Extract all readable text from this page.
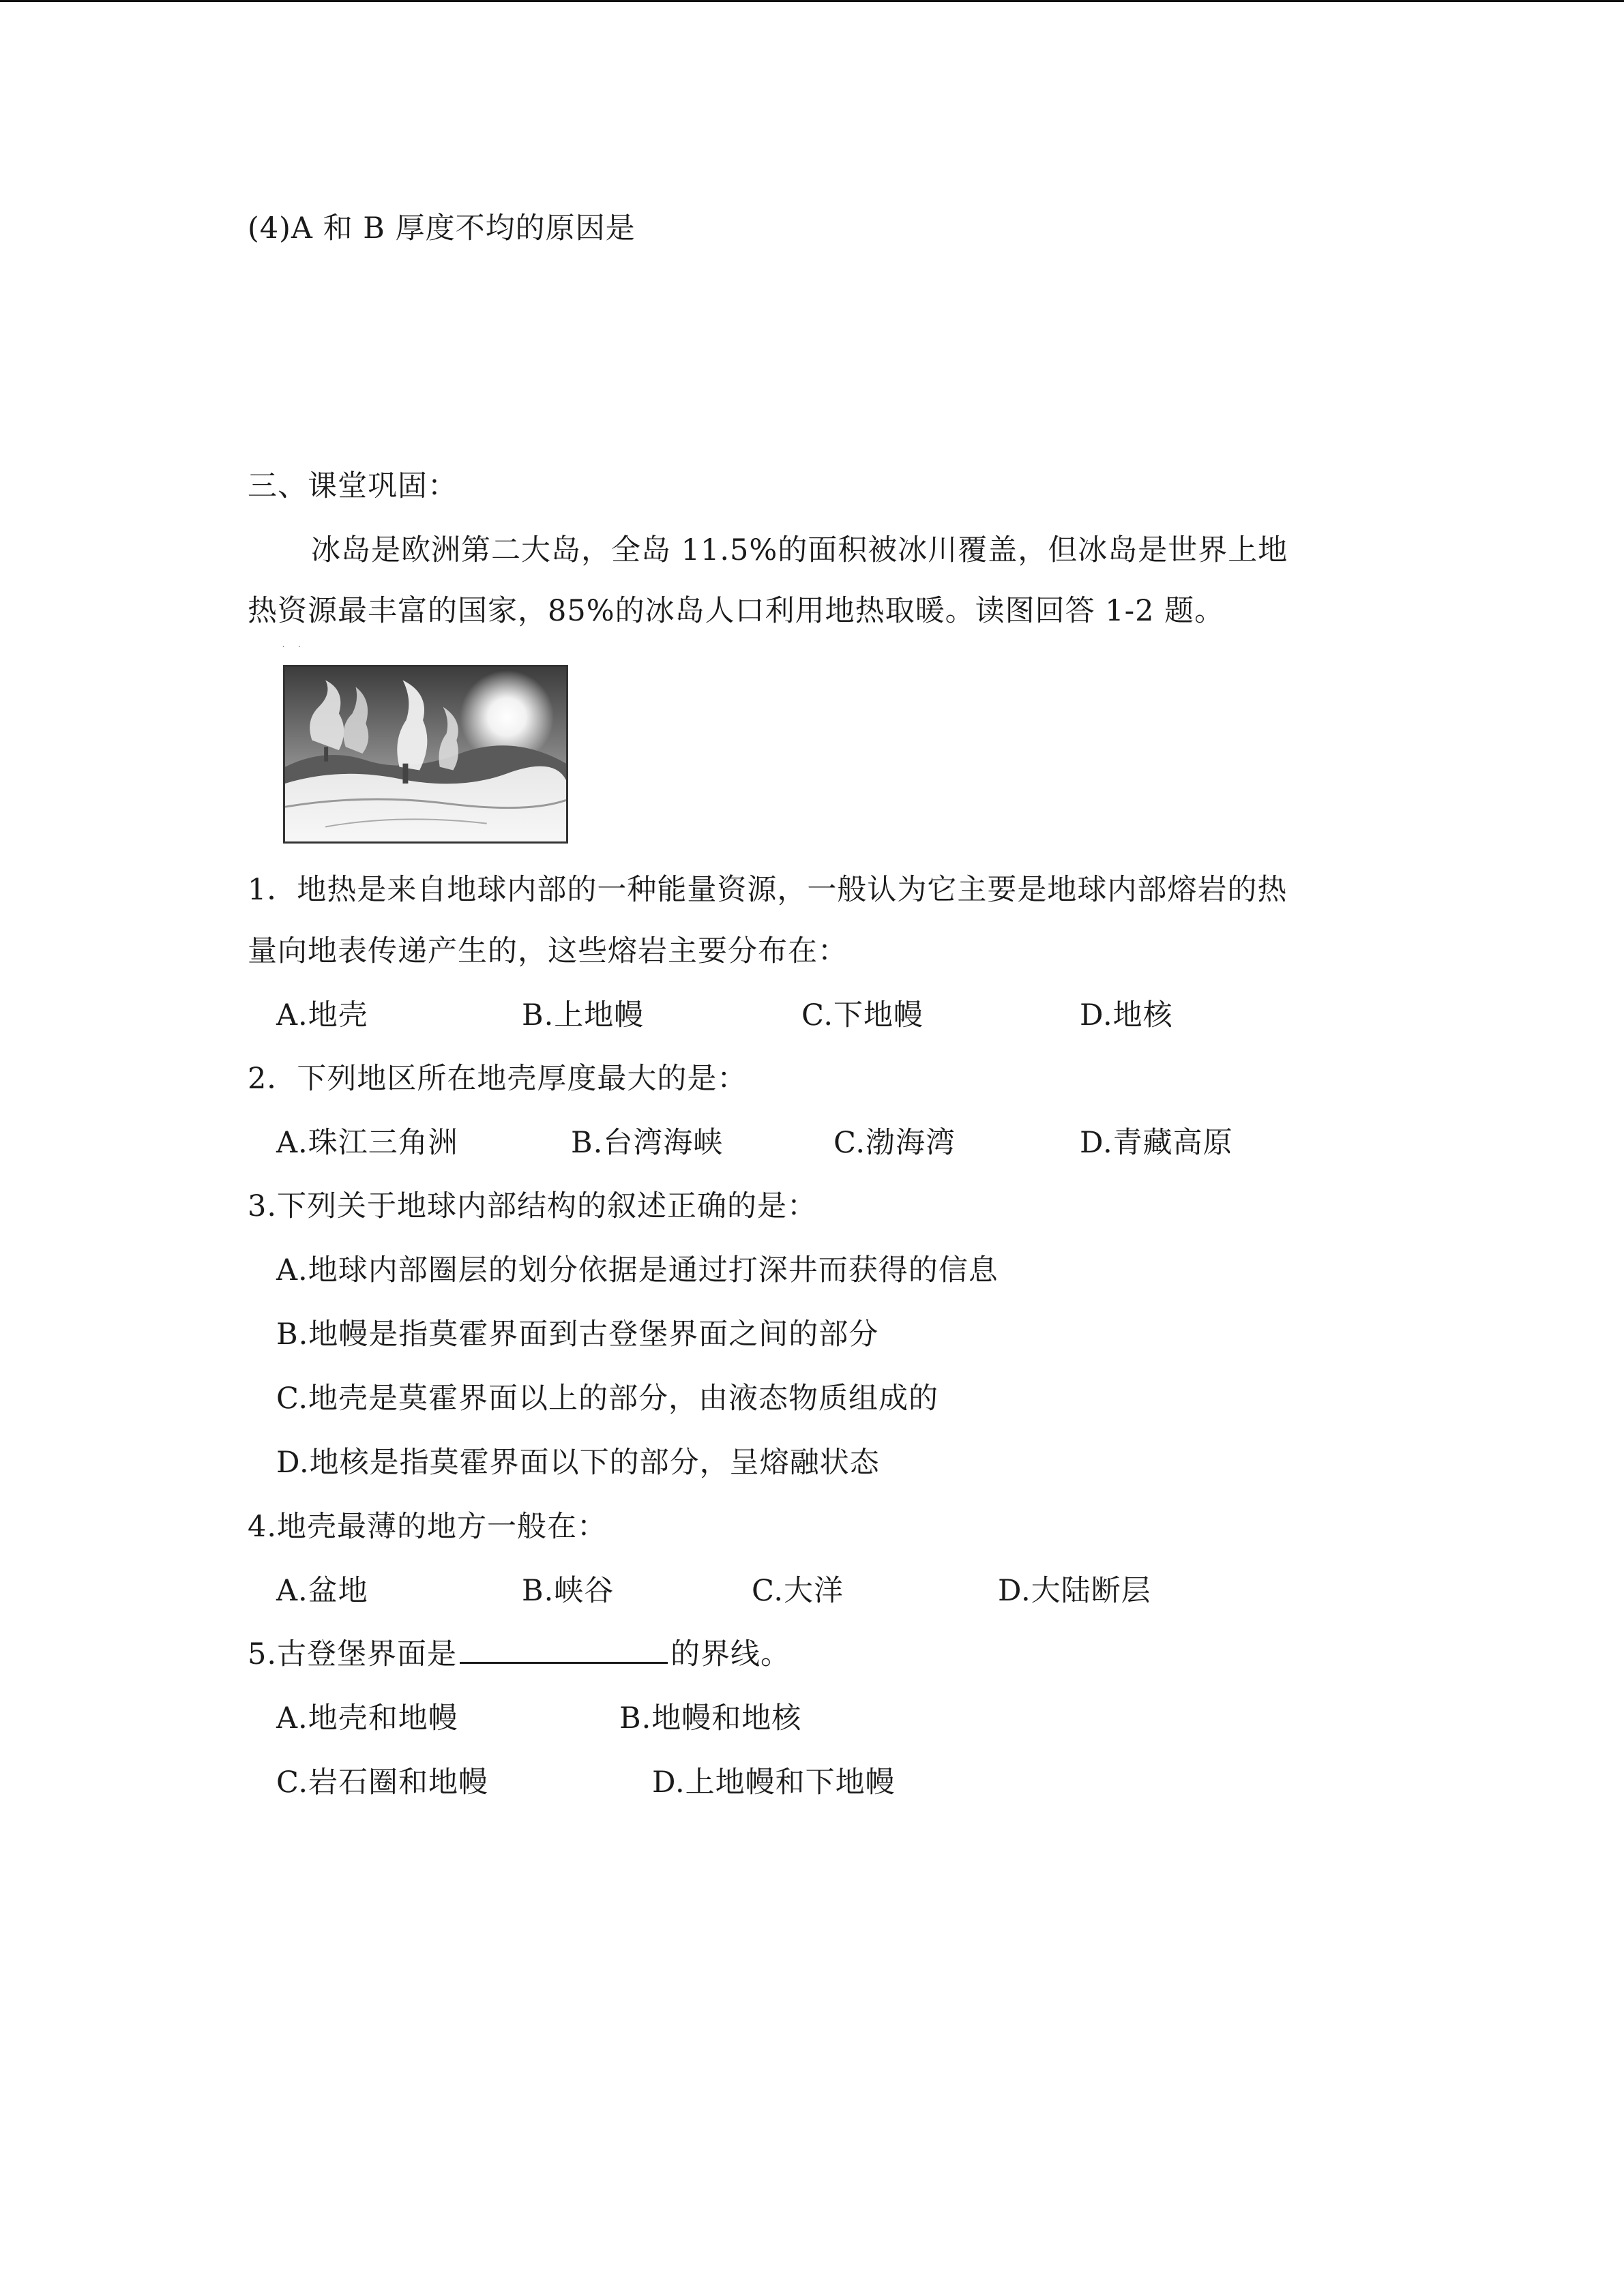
(4)A 和 B 厚度不均的原因是
三、课堂巩固：
冰岛是欧洲第二大岛，全岛 11.5%的面积被冰川覆盖，但冰岛是世界上地
热资源最丰富的国家，85%的冰岛人口利用地热取暖。读图回答 1-2 题。
˙ ˙
1．地热是来自地球内部的一种能量资源，一般认为它主要是地球内部熔岩的热
量向地表传递产生的，这些熔岩主要分布在：
A.地壳	B.上地幔	C.下地幔	D.地核
2．下列地区所在地壳厚度最大的是：
A.珠江三角洲	B.台湾海峡	C.渤海湾	D.青藏高原
3.下列关于地球内部结构的叙述正确的是：
A.地球内部圈层的划分依据是通过打深井而获得的信息
B.地幔是指莫霍界面到古登堡界面之间的部分
C.地壳是莫霍界面以上的部分，由液态物质组成的
D.地核是指莫霍界面以下的部分，呈熔融状态
4.地壳最薄的地方一般在：
A.盆地	B.峡谷	C.大洋	D.大陆断层
5.古登堡界面是	的界线。
A.地壳和地幔	B.地幔和地核
C.岩石圈和地幔	D.上地幔和下地幔
